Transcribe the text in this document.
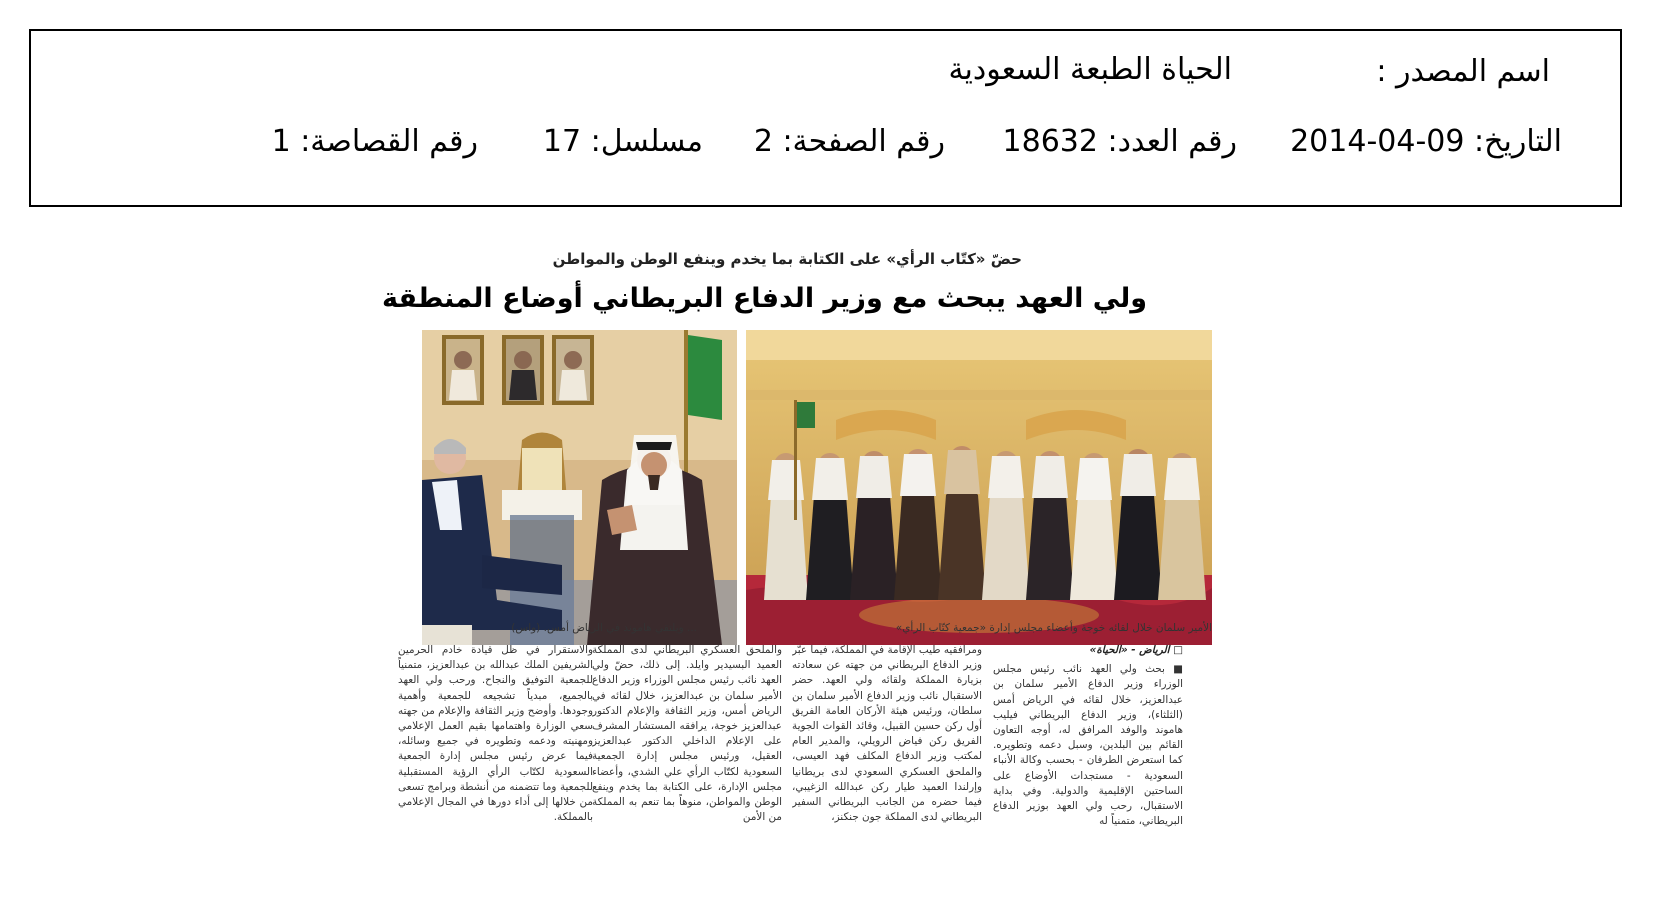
اسم المصدر :
الحياة الطبعة السعودية
التاريخ: 09-04-2014
رقم العدد: 18632
رقم الصفحة: 2
مسلسل: 17
رقم القصاصة: 1
حضّ «كتّاب الرأي» على الكتابة بما يخدم وينفع الوطن والمواطن
ولي العهد يبحث مع وزير الدفاع البريطاني أوضاع المنطقة
الأمير سلمان خلال لقائه خوجة وأعضاء مجلس إدارة «جمعية كتّاب الرأي»
... ويلتقي هاموند في الرياض أمس. (واس)
□ الرياض - «الحياة»
■ بحث ولي العهد نائب رئيس مجلس الوزراء وزير الدفاع الأمير سلمان بن عبدالعزيز، خلال لقائه في الرياض أمس (الثلثاء)، وزير الدفاع البريطاني فيليب هاموند والوفد المرافق له، أوجه التعاون القائم بين البلدين، وسبل دعمه وتطويره. كما استعرض الطرفان - بحسب وكالة الأنباء السعودية - مستجدات الأوضاع على الساحتين الإقليمية والدولية. وفي بداية الاستقبال، رحب ولي العهد بوزير الدفاع البريطاني، متمنياً له
ومرافقيه طيب الإقامة في المملكة، فيما عبّر وزير الدفاع البريطاني من جهته عن سعادته بزيارة المملكة ولقائه ولي العهد. حضر الاستقبال نائب وزير الدفاع الأمير سلمان بن سلطان، ورئيس هيئة الأركان العامة الفريق أول ركن حسين القبيل، وقائد القوات الجوية الفريق ركن فياض الرويلي، والمدير العام لمكتب وزير الدفاع المكلف فهد العيسى، والملحق العسكري السعودي لدى بريطانيا وإرلندا العميد طيار ركن عبدالله الزغيبي، فيما حضره من الجانب البريطاني السفير البريطاني لدى المملكة جون جنكنز،
والملحق العسكري البريطاني لدى المملكة العميد البسيدير وايلد. إلى ذلك، حضّ ولي العهد نائب رئيس مجلس الوزراء وزير الدفاع الأمير سلمان بن عبدالعزيز، خلال لقائه في الرياض أمس، وزير الثقافة والإعلام الدكتور عبدالعزيز خوجة، يرافقه المستشار المشرف على الإعلام الداخلي الدكتور عبدالعزيز العقيل، ورئيس مجلس إدارة الجمعية السعودية لكتّاب الرأي علي الشدي، وأعضاء مجلس الإدارة، على الكتابة بما يخدم وينفع الوطن والمواطن، منوهاً بما تنعم به المملكة من الأمن
والاستقرار في ظل قيادة خادم الحرمين الشريفين الملك عبدالله بن عبدالعزيز، متمنياً للجمعية التوفيق والنجاح. ورحب ولي العهد بالجميع، مبدياً تشجيعه للجمعية وأهمية وجودها. وأوضح وزير الثقافة والإعلام من جهته سعي الوزارة واهتمامها بقيم العمل الإعلامي ومهنيته ودعمه وتطويره في جميع وسائله، فيما عرض رئيس مجلس إدارة الجمعية السعودية لكتّاب الرأي الرؤية المستقبلية للجمعية وما تتضمنه من أنشطة وبرامج تسعى من خلالها إلى أداء دورها في المجال الإعلامي بالمملكة.
